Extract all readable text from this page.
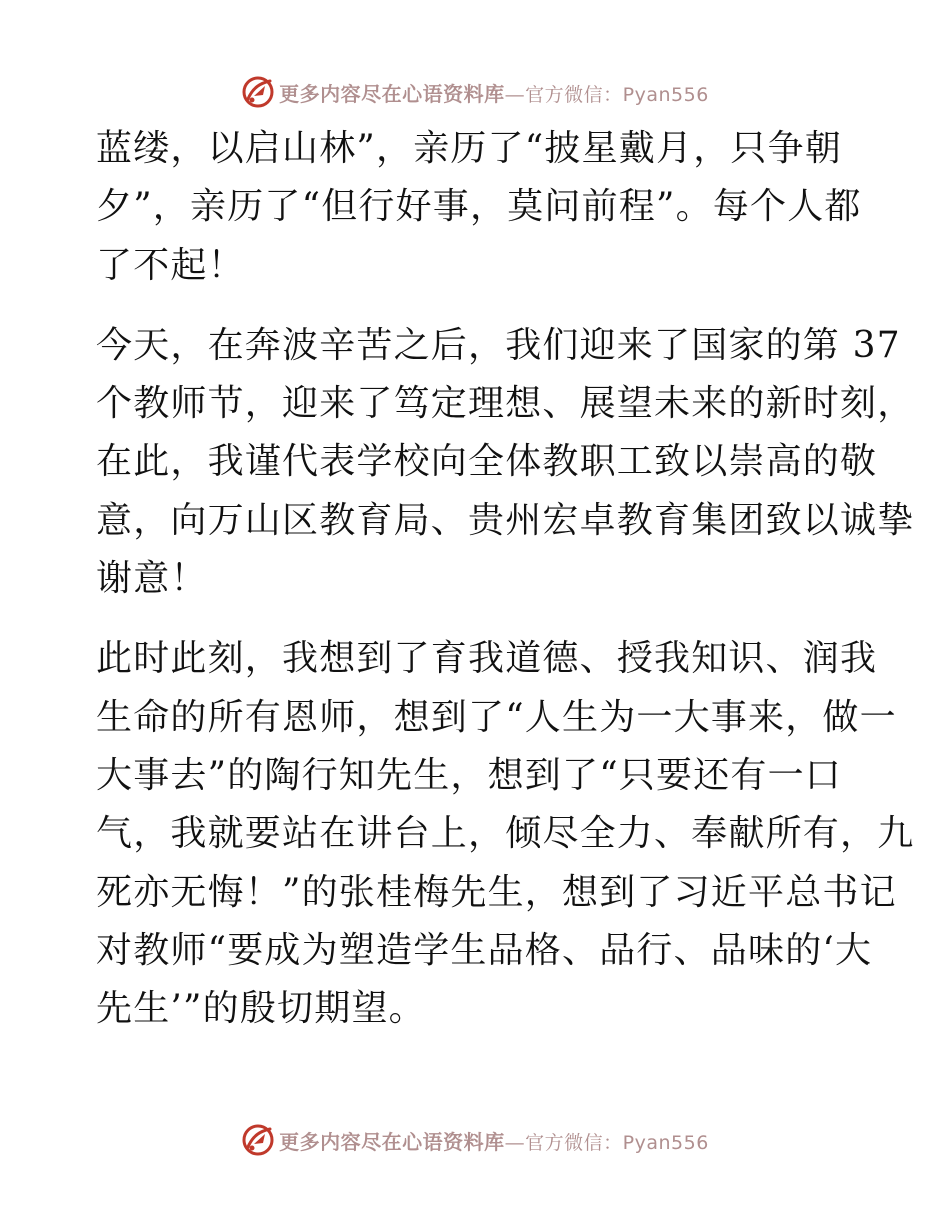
更多内容尽在心语资料库—官方微信：Pyan556
蓝缕，以启山林”，亲历了“披星戴月，只争朝
夕”，亲历了“但行好事，莫问前程”。每个人都
了不起！
今天，在奔波辛苦之后，我们迎来了国家的第 37
个教师节，迎来了笃定理想、展望未来的新时刻，
在此，我谨代表学校向全体教职工致以崇高的敬
意，向万山区教育局、贵州宏卓教育集团致以诚挚
谢意！
此时此刻，我想到了育我道德、授我知识、润我
生命的所有恩师，想到了“人生为一大事来，做一
大事去”的陶行知先生，想到了“只要还有一口
气，我就要站在讲台上，倾尽全力、奉献所有，九
死亦无悔！”的张桂梅先生，想到了习近平总书记
对教师“要成为塑造学生品格、品行、品味的‘大
先生’”的殷切期望。
更多内容尽在心语资料库—官方微信：Pyan556
